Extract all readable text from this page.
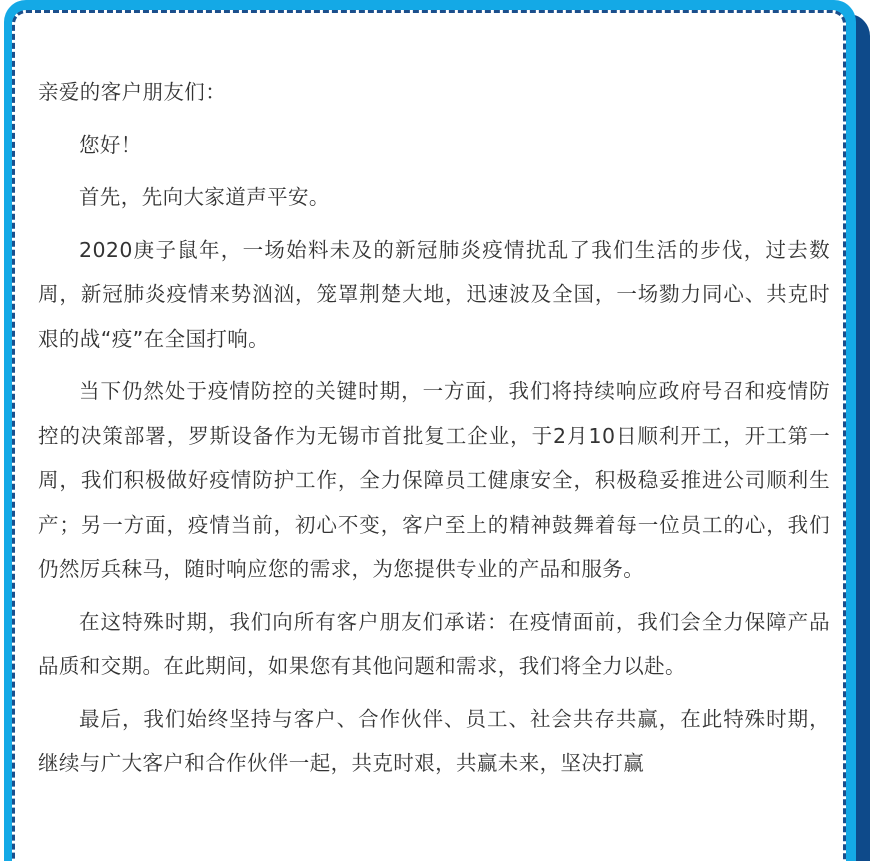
亲爱的客户朋友们：

您好！

首先，先向大家道声平安。

2020庚子鼠年，一场始料未及的新冠肺炎疫情扰乱了我们生活的步伐，过去数周，新冠肺炎疫情来势汹汹，笼罩荆楚大地，迅速波及全国，一场勠力同心、共克时艰的战“疫”在全国打响。

当下仍然处于疫情防控的关键时期，一方面，我们将持续响应政府号召和疫情防控的决策部署，罗斯设备作为无锡市首批复工企业，于2月10日顺利开工，开工第一周，我们积极做好疫情防护工作，全力保障员工健康安全，积极稳妥推进公司顺利生产；另一方面，疫情当前，初心不变，客户至上的精神鼓舞着每一位员工的心，我们仍然厉兵秣马，随时响应您的需求，为您提供专业的产品和服务。

在这特殊时期，我们向所有客户朋友们承诺：在疫情面前，我们会全力保障产品品质和交期。在此期间，如果您有其他问题和需求，我们将全力以赴。

最后，我们始终坚持与客户、合作伙伴、员工、社会共存共赢，在此特殊时期，继续与广大客户和合作伙伴一起，共克时艰，共赢未来，坚决打赢
